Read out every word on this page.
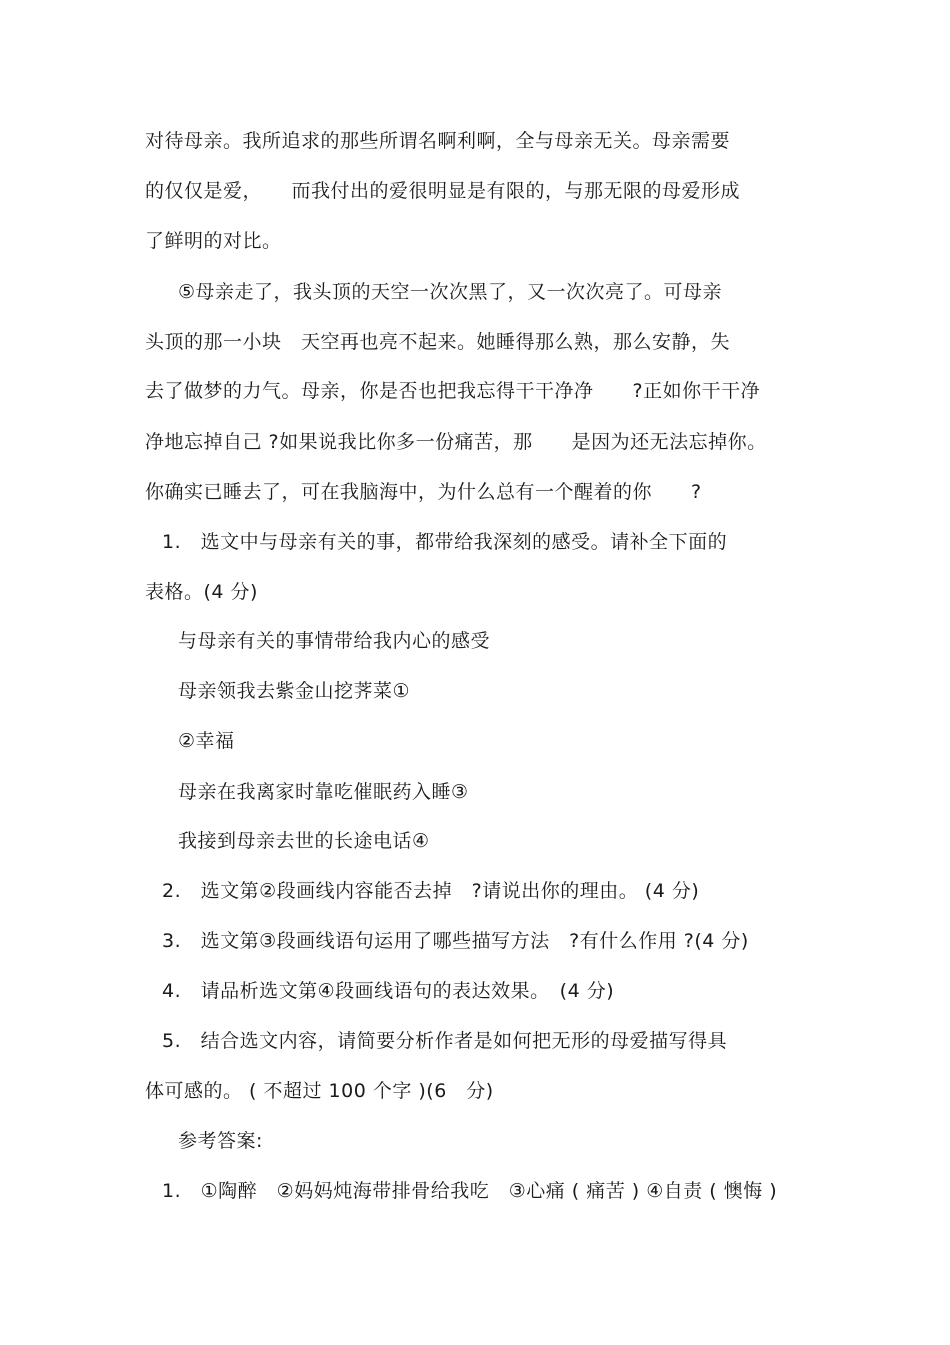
对待母亲。我所追求的那些所谓名啊利啊，全与母亲无关。母亲需要
的仅仅是爱，　　而我付出的爱很明显是有限的，与那无限的母爱形成
了鲜明的对比。
⑤母亲走了，我头顶的天空一次次黑了，又一次次亮了。可母亲
头顶的那一小块　天空再也亮不起来。她睡得那么熟，那么安静，失
去了做梦的力气。母亲，你是否也把我忘得干干净净　　?正如你干干净
净地忘掉自己 ?如果说我比你多一份痛苦，那　　是因为还无法忘掉你。
你确实已睡去了，可在我脑海中，为什么总有一个醒着的你　　?
1.　选文中与母亲有关的事，都带给我深刻的感受。请补全下面的
表格。(4 分)
与母亲有关的事情带给我内心的感受
母亲领我去紫金山挖荠菜①
②幸福
母亲在我离家时靠吃催眠药入睡③
我接到母亲去世的长途电话④
2.　选文第②段画线内容能否去掉　?请说出你的理由。 (4 分)
3.　选文第③段画线语句运用了哪些描写方法　?有什么作用 ?(4 分)
4.　请品析选文第④段画线语句的表达效果。　(4 分)
5.　结合选文内容，请简要分析作者是如何把无形的母爱描写得具
体可感的。 ( 不超过 100 个字 )(6　分)
参考答案:
1.　①陶醉　②妈妈炖海带排骨给我吃　③心痛 ( 痛苦 ) ④自责 ( 懊悔 )
